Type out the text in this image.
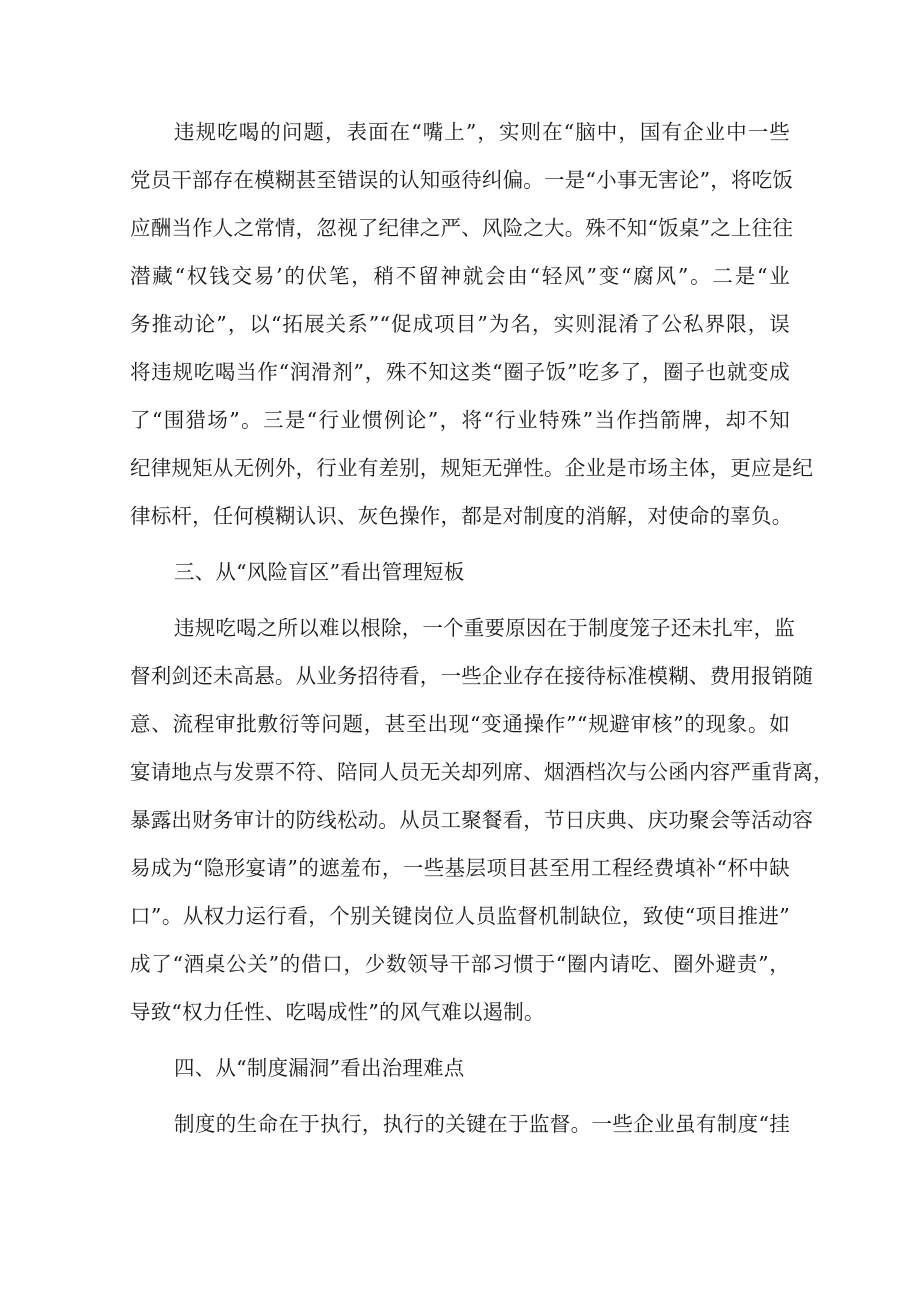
违规吃喝的问题，表面在“嘴上”，实则在“脑中，国有企业中一些
党员干部存在模糊甚至错误的认知亟待纠偏。一是“小事无害论”，将吃饭
应酬当作人之常情，忽视了纪律之严、风险之大。殊不知“饭桌”之上往往
潜藏“权钱交易’的伏笔，稍不留神就会由“轻风”变“腐风”。二是“业
务推动论”，以“拓展关系”“促成项目”为名，实则混淆了公私界限，误
将违规吃喝当作“润滑剂”，殊不知这类“圈子饭”吃多了，圈子也就变成
了“围猎场”。三是“行业惯例论”，将“行业特殊”当作挡箭牌，却不知
纪律规矩从无例外，行业有差别，规矩无弹性。企业是市场主体，更应是纪
律标杆，任何模糊认识、灰色操作，都是对制度的消解，对使命的辜负。
三、从“风险盲区”看出管理短板
违规吃喝之所以难以根除，一个重要原因在于制度笼子还未扎牢，监
督利剑还未高悬。从业务招待看，一些企业存在接待标准模糊、费用报销随
意、流程审批敷衍等问题，甚至出现“变通操作”“规避审核”的现象。如
宴请地点与发票不符、陪同人员无关却列席、烟酒档次与公函内容严重背离，
暴露出财务审计的防线松动。从员工聚餐看，节日庆典、庆功聚会等活动容
易成为“隐形宴请”的遮羞布，一些基层项目甚至用工程经费填补“杯中缺
口”。从权力运行看，个别关键岗位人员监督机制缺位，致使“项目推进”
成了“酒桌公关”的借口，少数领导干部习惯于“圈内请吃、圈外避责”，
导致“权力任性、吃喝成性”的风气难以遏制。
四、从“制度漏洞”看出治理难点
制度的生命在于执行，执行的关键在于监督。一些企业虽有制度“挂
